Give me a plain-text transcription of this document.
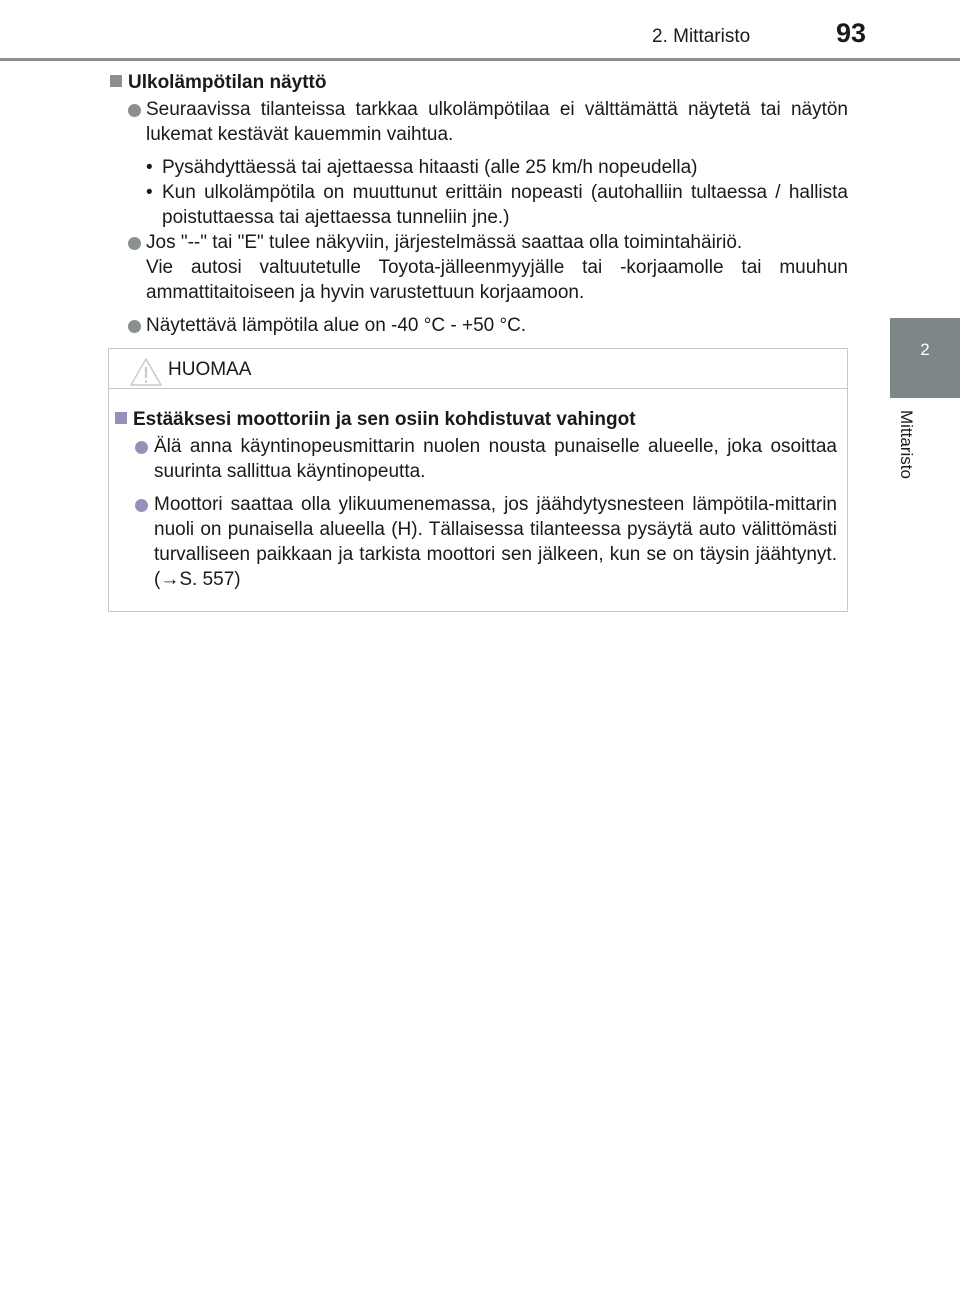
2. Mittaristo	93
2
Mittaristo
Ulkolämpötilan näyttö
Seuraavissa tilanteissa tarkkaa ulkolämpötilaa ei välttämättä näytetä tai näytön lukemat kestävät kauemmin vaihtua.
• Pysähdyttäessä tai ajettaessa hitaasti (alle 25 km/h nopeudella)
• Kun ulkolämpötila on muuttunut erittäin nopeasti (autohalliin tultaessa / hallista poistuttaessa tai ajettaessa tunneliin jne.)
Jos "--" tai "E" tulee näkyviin, järjestelmässä saattaa olla toimintahäiriö.
Vie autosi valtuutetulle Toyota-jälleenmyyjälle tai -korjaamolle tai muuhun ammattitaitoiseen ja hyvin varustettuun korjaamoon.
Näytettävä lämpötila alue on -40 °C - +50 °C.
HUOMAA
Estääksesi moottoriin ja sen osiin kohdistuvat vahingot
Älä anna käyntinopeusmittarin nuolen nousta punaiselle alueelle, joka osoittaa suurinta sallittua käyntinopeutta.
Moottori saattaa olla ylikuumenemassa, jos jäähdytysnesteen lämpötila-mittarin nuoli on punaisella alueella (H). Tällaisessa tilanteessa pysäytä auto välittömästi turvalliseen paikkaan ja tarkista moottori sen jälkeen, kun se on täysin jäähtynyt. (→S. 557)
